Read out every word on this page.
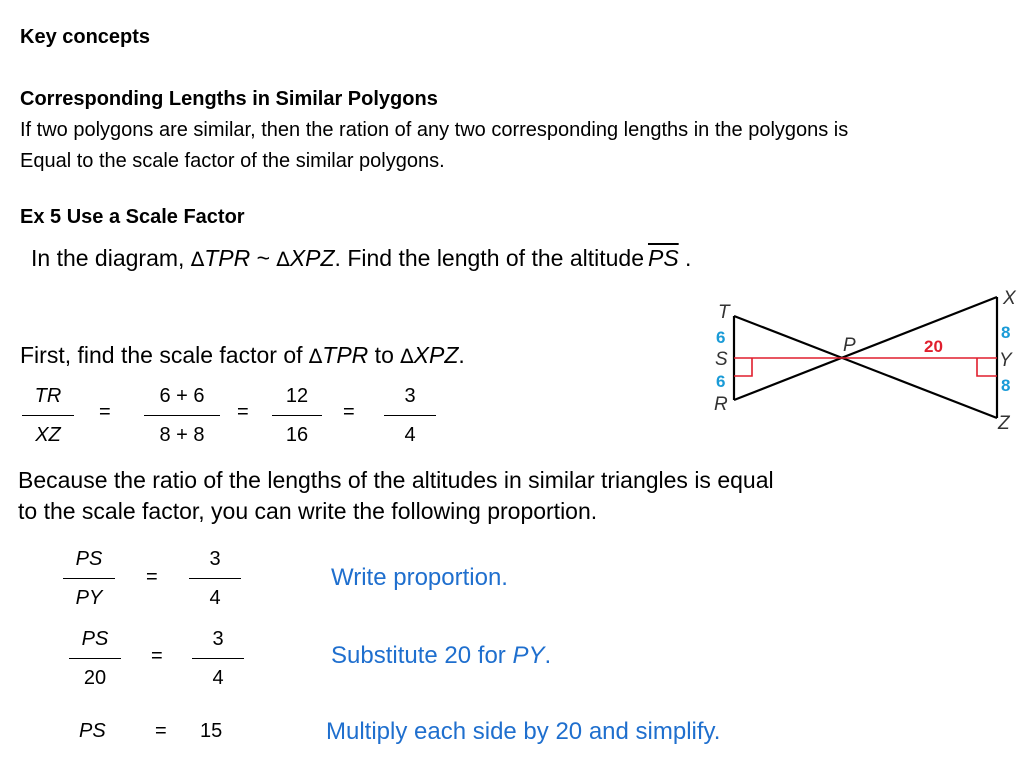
Key concepts
Corresponding Lengths in Similar Polygons
If two polygons are similar, then the ration of any two corresponding lengths in the polygons is
Equal to the scale factor of the similar polygons.
Ex 5 Use a Scale Factor
In the diagram, ∆TPR ~ ∆XPZ. Find the length of the altitude $\overline{PS}$ .
First, find the scale factor of ∆TPR to ∆XPZ.
TR
XZ
=
6 + 6
8 + 8
=
12
16
=
3
4
Because the ratio of the lengths of the altitudes in similar triangles is equal
to the scale factor, you can write the following proportion.
PS
PY
=
3
4
Write proportion.
PS
20
=
3
4
Substitute 20 for PY.
PS = 15	Multiply each side by 20 and simplify.
T
S
R
P
X
Y
Z
6
6
8
8
20
